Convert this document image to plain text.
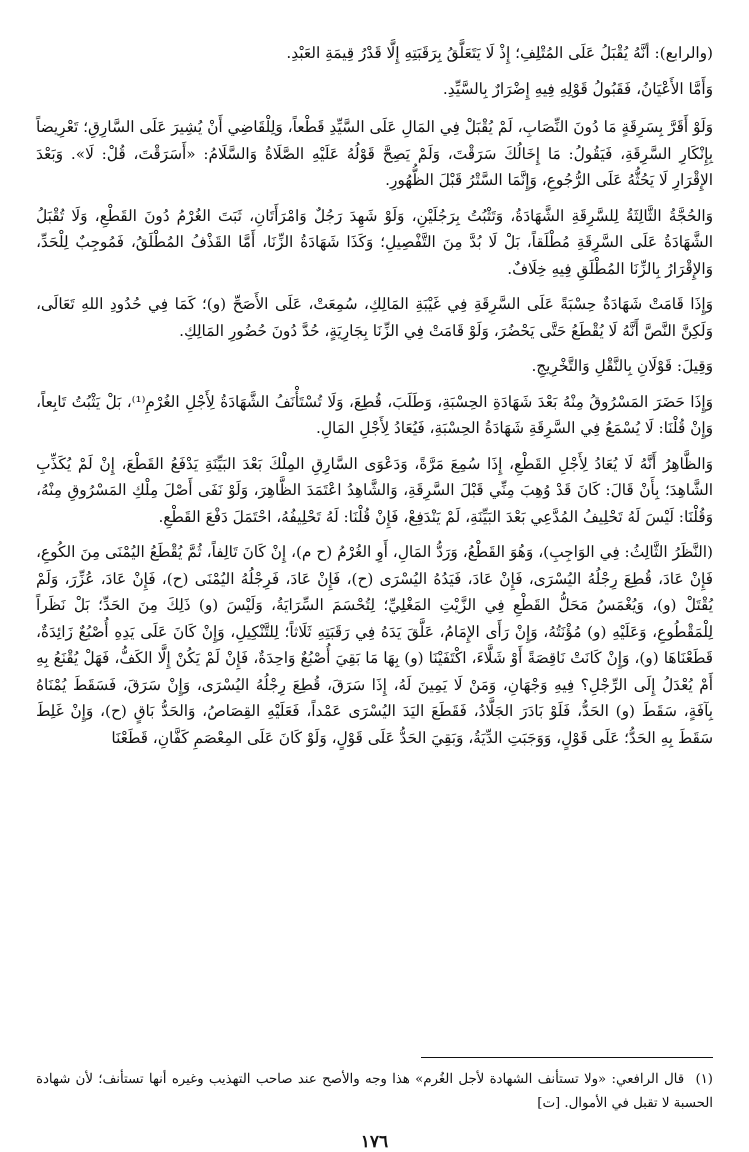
(والرابع): أنَّهُ يُقْبَلُ عَلَى المُتْلِفِ؛ إِذْ لَا يَتَعَلَّقُ بِرَقَبَتِهِ إِلَّا قَدْرُ قِيمَةِ العَبْدِ.

وَأَمَّا الأَعْيَانُ، فَقَبُولُ قَوْلِهِ فِيهِ إِضْرَارٌ بِالسَّيِّدِ.

وَلَوْ أَقَرَّ بِسَرِقَةٍ مَا دُونَ النِّصَابِ، لَمْ يُقْبَلْ فِي المَالِ عَلَى السَّيِّدِ قَطْعاً، وَلِلْقَاضِي أَنْ يُشِيرَ عَلَى السَّارِقِ؛ تَعْرِيضاً بِإِنْكَارِ السَّرِقَةِ، فَيَقُولُ: مَا إِخَالُكَ سَرَقْتَ، وَلَمْ يَصِحَّ قَوْلُهُ عَلَيْهِ الصَّلَاةُ وَالسَّلَامُ: «أَسَرَقْتَ، قُلْ: لَا». وَبَعْدَ الإِقْرَارِ لَا يَحُثُّهُ عَلَى الرُّجُوعِ، وَإِنَّمَا السَّتْرُ قَبْلَ الظُّهُورِ.

وَالحُجَّةُ الثَّالِثَةُ لِلسَّرِقَةِ الشَّهَادَةُ، وَتَثْبُتُ بِرَجُلَيْنِ، وَلَوْ شَهِدَ رَجُلٌ وَامْرَأَتَانِ، ثَبَتَ الغُرْمُ دُونَ القَطْعِ، وَلَا تُقْبَلُ الشَّهَادَةُ عَلَى السَّرِقَةِ مُطْلَقاً، بَلْ لَا بُدَّ مِنَ التَّفْصِيلِ؛ وَكَذَا شَهَادَةُ الزِّنَا، أَمَّا القَذْفُ المُطْلَقُ، فَمُوجِبٌ لِلْحَدِّ، وَالإِقْرَارُ بِالزِّنَا المُطْلَقِ فِيهِ خِلَافٌ.

وَإِذَا قَامَتْ شَهَادَةٌ حِسْبَةً عَلَى السَّرِقَةِ فِي غَيْبَةِ المَالِكِ، سُمِعَتْ، عَلَى الأَصَحِّ (و)؛ كَمَا فِي حُدُودِ اللهِ تَعَالَى، وَلَكِنَّ النَّصَّ أَنَّهُ لَا يُقْطَعُ حَتَّى يَحْضُرَ، وَلَوْ قَامَتْ فِي الزِّنَا بِجَارِيَةٍ، حُدَّ دُونَ حُضُورِ المَالِكِ.

وَقِيلَ: قَوْلَانِ بِالنَّقْلِ وَالتَّخْرِيجِ.

وَإِذَا حَضَرَ المَسْرُوقُ مِنْهُ بَعْدَ شَهَادَةِ الحِسْبَةِ، وَطَلَبَ، قُطِعَ، وَلَا تُسْتَأْنَفُ الشَّهَادَةُ لِأَجْلِ الغُرْمِ⁽¹⁾، بَلْ يَثْبُتُ تَابِعاً، وَإِنْ قُلْنَا: لَا يُسْمَعُ فِي السَّرِقَةِ شَهَادَةُ الحِسْبَةِ، فَيُعَادُ لِأَجْلِ المَالِ.

وَالظَّاهِرُ أَنَّهُ لَا يُعَادُ لِأَجْلِ القَطْعِ، إِذَا سُمِعَ مَرَّةً، وَدَعْوَى السَّارِقِ المِلْكَ بَعْدَ البَيِّنَةِ يَدْفَعُ القَطْعَ، إِنْ لَمْ يُكَذِّبِ الشَّاهِدَ؛ بِأَنْ قَالَ: كَانَ قَدْ وُهِبَ مِنِّي قَبْلَ السَّرِقَةِ، وَالشَّاهِدُ اعْتَمَدَ الظَّاهِرَ، وَلَوْ نَفَى أَصْلَ مِلْكِ المَسْرُوقِ مِنْهُ، وَقُلْنَا: لَيْسَ لَهُ تَحْلِيفُ المُدَّعِي بَعْدَ البَيِّنَةِ، لَمْ يَنْدَفِعْ، فَإِنْ قُلْنَا: لَهُ تَحْلِيفُهُ، احْتَمَلَ دَفْعَ القَطْعِ.

(النَّظَرُ الثَّالِثُ: فِي الوَاجِبِ)، وَهُوَ القَطْعُ، وَرَدُّ المَالِ، أَوِ الغُرْمُ (ح م)، إِنْ كَانَ تَالِفاً، ثُمَّ يُقْطَعُ اليُمْنَى مِنَ الكُوعِ، فَإِنْ عَادَ، قُطِعَ رِجْلُهُ اليُسْرَى، فَإِنْ عَادَ، فَيَدُهُ اليُسْرَى (ح)، فَإِنْ عَادَ، فَرِجْلُهُ اليُمْنَى (ح)، فَإِنْ عَادَ، عُزِّرَ، وَلَمْ يُقْتَلْ (و)، وَيُغْمَسُ مَحَلُّ القَطْعِ فِي الزَّيْتِ المَغْلِيِّ؛ لِتُحْسَمَ السِّرَايَةُ، وَلَيْسَ (و) ذَلِكَ مِنَ الحَدِّ؛ بَلْ نَظَراً لِلْمَقْطُوعِ، وَعَلَيْهِ (و) مُؤْنَتُهُ، وَإِنْ رَأَى الإِمَامُ، عَلَّقَ يَدَهُ فِي رَقَبَتِهِ ثَلَاثاً؛ لِلتَّنْكِيلِ، وَإِنْ كَانَ عَلَى يَدِهِ أُصْبُعٌ زَائِدَةٌ، قَطَعْنَاهَا (و)، وَإِنْ كَانَتْ نَاقِصَةً أَوْ شَلَّاءَ، اكْتَفَيْنَا (و) بِهَا مَا بَقِيَ أُصْبُعٌ وَاحِدَةٌ، فَإِنْ لَمْ يَكُنْ إِلَّا الكَفُّ، فَهَلْ يُقْنَعُ بِهِ أَمْ يُعْدَلُ إِلَى الرِّجْلِ؟ فِيهِ وَجْهَانِ، وَمَنْ لَا يَمِينَ لَهُ، إِذَا سَرَقَ، قُطِعَ رِجْلُهُ اليُسْرَى، وَإِنْ سَرَقَ، فَسَقَطَ يُمْنَاهُ بِآفَةٍ، سَقَطَ (و) الحَدُّ، فَلَوْ بَادَرَ الجَلَّادُ، فَقَطَعَ اليَدَ اليُسْرَى عَمْداً، فَعَلَيْهِ القِصَاصُ، وَالحَدُّ بَاقٍ (ح)، وَإِنْ غَلِطَ سَقَطَ بِهِ الحَدُّ؛ عَلَى قَوْلٍ، وَوَجَبَتِ الدِّيَةُ، وَبَقِيَ الحَدُّ عَلَى قَوْلٍ، وَلَوْ كَانَ عَلَى المِعْصَمِ كَفَّانِ، قَطَعْنَا

(١) قال الرافعي: «ولا تستأنف الشهادة لأجل الغُرم» هذا وجه والأصح عند صاحب التهذيب وغيره أنها تستأنف؛ لأن شهادة الحسبة لا تقبل في الأموال. [ت]

١٧٦
